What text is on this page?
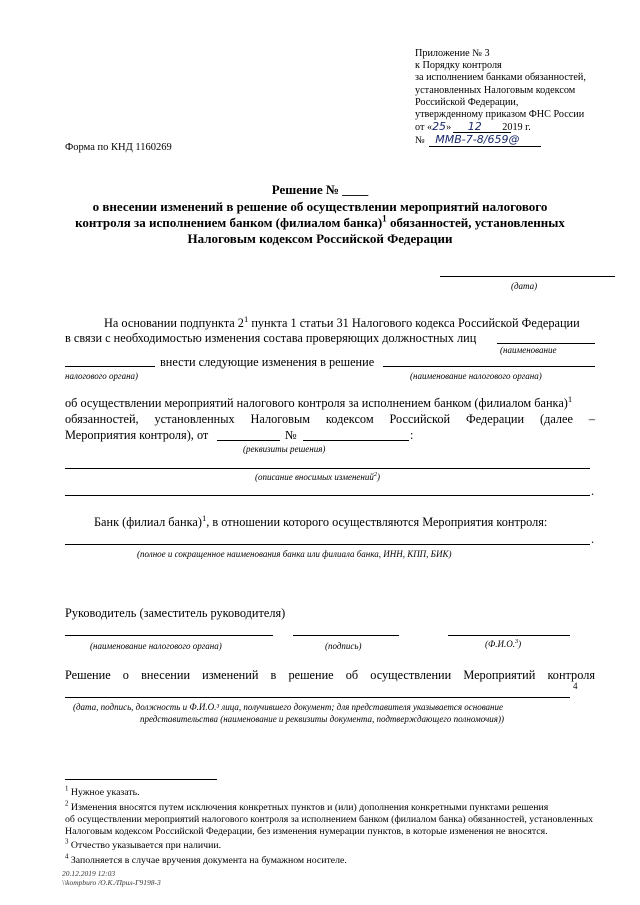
Приложение № 3
к Порядку контроля
за исполнением банками обязанностей,
установленных Налоговым кодексом
Российской Федерации,
утвержденному приказом ФНС России
от «25» 12 2019 г.
№ ММВ-7-8/659@
Форма по КНД 1160269
Решение № ____
о внесении изменений в решение об осуществлении мероприятий налогового
контроля за исполнением банком (филиалом банка)$^1$ обязанностей, установленных
Налоговым кодексом Российской Федерации
(дата)
На основании подпункта $2^1$ пункта 1 статьи 31 Налогового кодекса Российской Федерации
в связи с необходимостью изменения состава проверяющих должностных лиц
(наименование
внести следующие изменения в решение
налогового органа)	(наименование налогового органа)
об осуществлении мероприятий налогового контроля за исполнением банком (филиалом банка)$^1$
обязанностей, установленных Налоговым кодексом Российской Федерации (далее –
Мероприятия контроля), от	№	:
(реквизиты решения)
(описание вносимых изменений$^2$)
.
Банк (филиал банка)$^1$, в отношении которого осуществляются Мероприятия контроля:
.
(полное и сокращенное наименования банка или филиала банка, ИНН, КПП, БИК)
Руководитель (заместитель руководителя)
(наименование налогового органа)	(подпись)	(Ф.И.О.$^3$)
Решение о внесении изменений в решение об осуществлении Мероприятий контроля
4
(дата, подпись, должность и Ф.И.О.³ лица, получившего документ; для представителя указывается основание
представительства (наименование и реквизиты документа, подтверждающего полномочия))
$^1$ Нужное указать.
$^2$ Изменения вносятся путем исключения конкретных пунктов и (или) дополнения конкретными пунктами решения
об осуществлении мероприятий налогового контроля за исполнением банком (филиалом банка) обязанностей, установленных
Налоговым кодексом Российской Федерации, без изменения нумерации пунктов, в которые изменения не вносятся.
$^3$ Отчество указывается при наличии.
$^4$ Заполняется в случае вручения документа на бумажном носителе.
20.12.2019 12:03
\\kompburo /О.К./Прил-Г9198-3
